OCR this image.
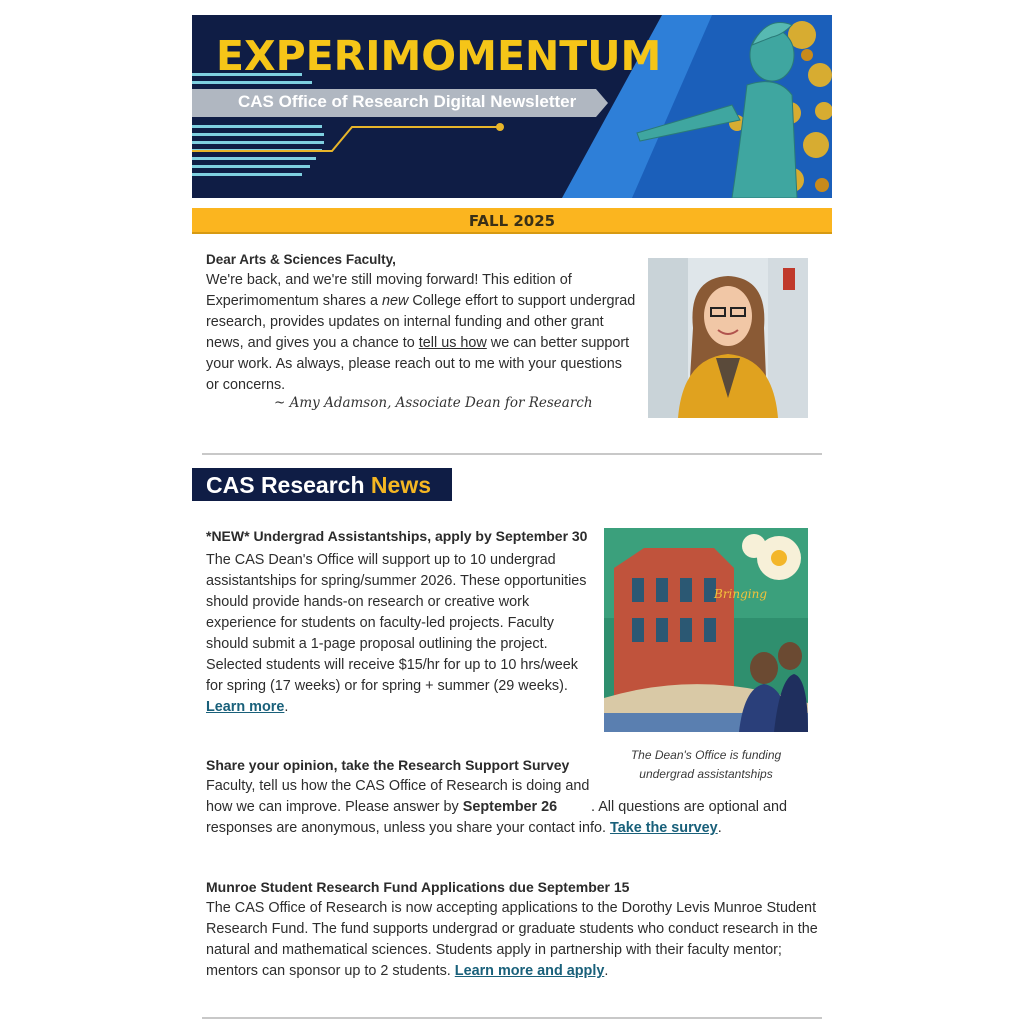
EXPERIMOMENTUM
CAS Office of Research Digital Newsletter
FALL 2025
Dear Arts & Sciences Faculty,
We're back, and we're still moving forward! This edition of Experimomentum shares a new College effort to support undergrad research, provides updates on internal funding and other grant news, and gives you a chance to tell us how we can better support your work. As always, please reach out to me with your questions or concerns.
~ Amy Adamson, Associate Dean for Research
CAS Research News
*NEW* Undergrad Assistantships, apply by September 30
The CAS Dean's Office will support up to 10 undergrad assistantships for spring/summer 2026. These opportunities should provide hands-on research or creative work experience for students on faculty-led projects. Faculty should submit a 1-page proposal outlining the project. Selected students will receive $15/hr for up to 10 hrs/week for spring (17 weeks) or for spring + summer (29 weeks). Learn more.
Bringing
The Dean's Office is funding undergrad assistantships
Share your opinion, take the Research Support Survey
Faculty, tell us how the CAS Office of Research is doing and how we can improve. Please answer by September 26 . All questions are optional and responses are anonymous, unless you share your contact info. Take the survey.
Munroe Student Research Fund Applications due September 15
The CAS Office of Research is now accepting applications to the Dorothy Levis Munroe Student Research Fund. The fund supports undergrad or graduate students who conduct research in the natural and mathematical sciences. Students apply in partnership with their faculty mentor; mentors can sponsor up to 2 students. Learn more and apply.
